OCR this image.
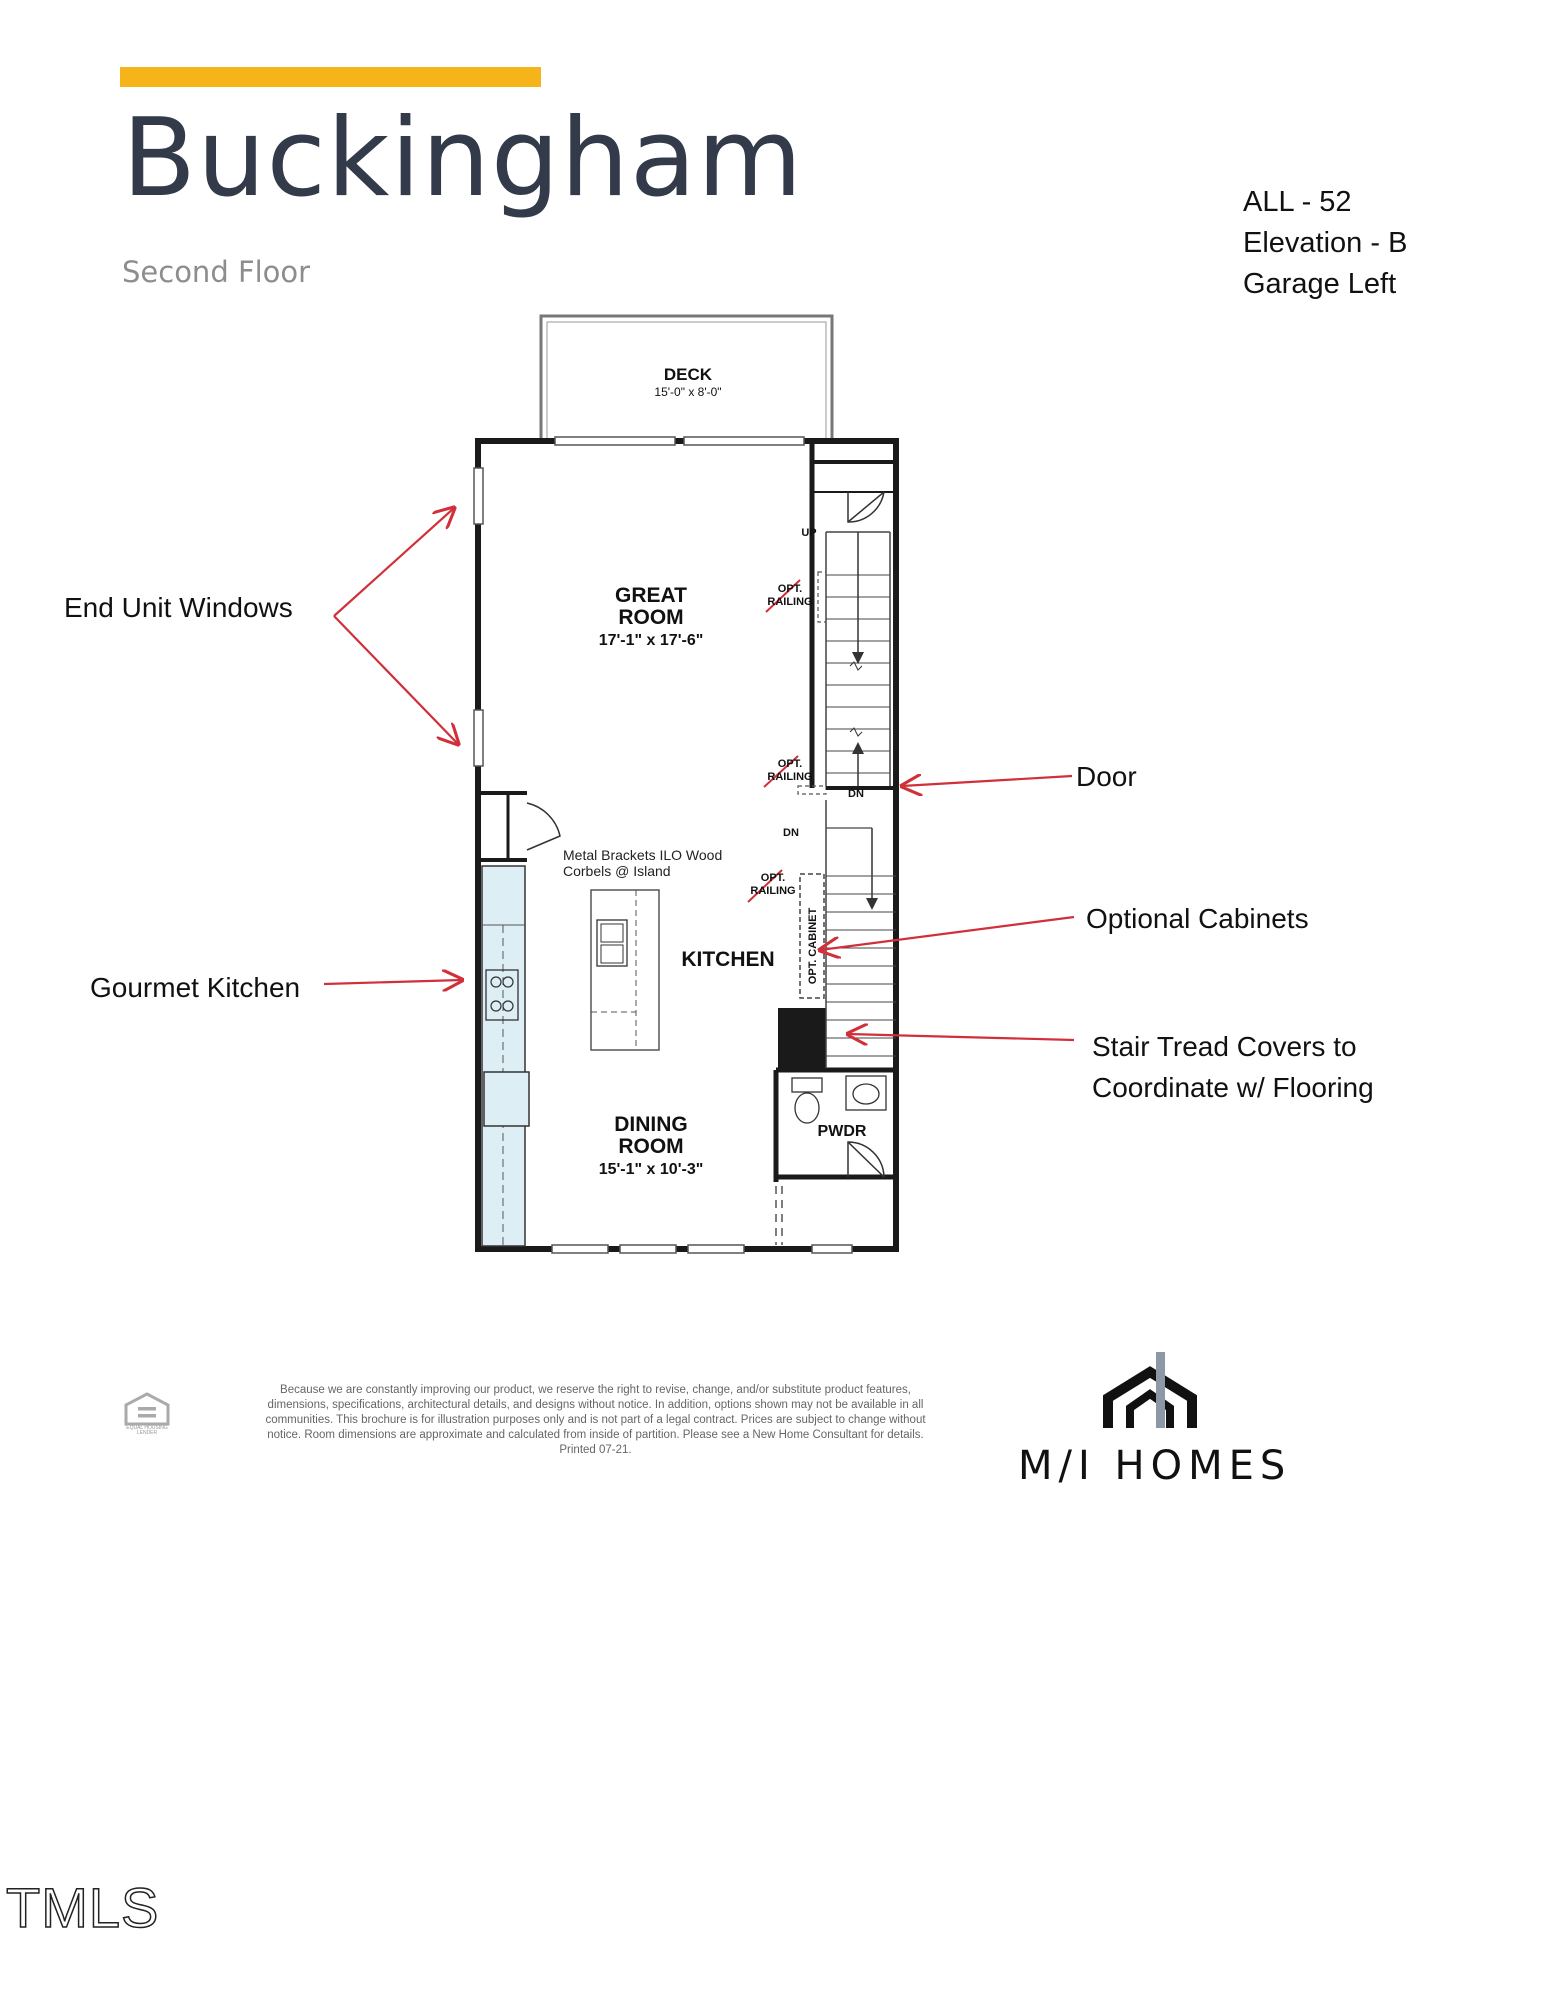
Buckingham
Second Floor
ALL - 52
Elevation - B
Garage Left
End Unit Windows
Gourmet Kitchen
Door
Optional Cabinets
Stair Tread Covers to
Coordinate w/ Flooring
DECK
15'-0" x 8'-0"
GREAT
ROOM
17'-1" x 17'-6"
KITCHEN
DINING
ROOM
15'-1" x 10'-3"
PWDR
UP
DN
DN
OPT.
RAILING
OPT.
RAILING
OPT.
RAILING
OPT. CABINET
Metal Brackets ILO Wood
Corbels @ Island
Because we are constantly improving our product, we reserve the right to revise, change, and/or substitute product features, dimensions, specifications, architectural details, and designs without notice. In addition, options shown may not be available in all communities. This brochure is for illustration purposes only and is not part of a legal contract. Prices are subject to change without notice. Room dimensions are approximate and calculated from inside of partition. Please see a New Home Consultant for details. Printed 07-21.
EQUAL HOUSING LENDER
M/I HOMES
TMLS
